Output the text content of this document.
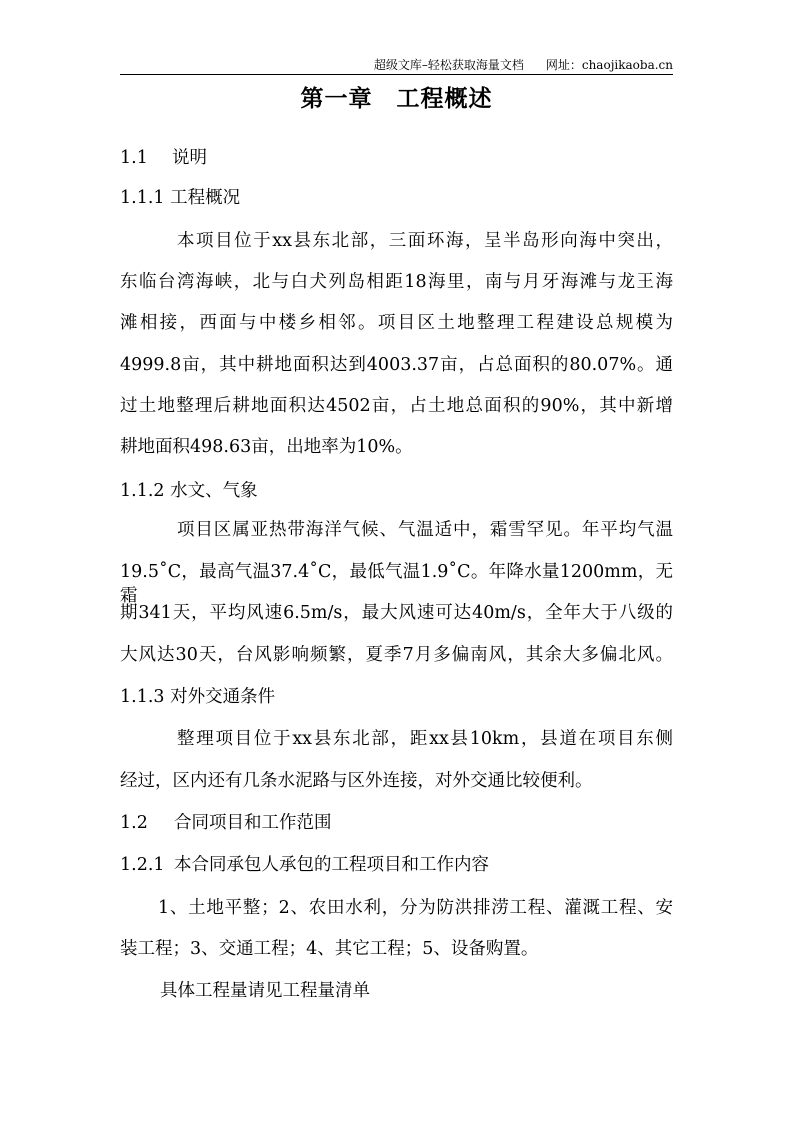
超级文库–轻松获取海量文档 网址：chaojikaoba.cn
第一章　工程概述
1.1 说明
1.1.1 工程概况
本项目位于xx县东北部，三面环海，呈半岛形向海中突出，
东临台湾海峡，北与白犬列岛相距18海里，南与月牙海滩与龙王海
滩相接，西面与中楼乡相邻。项目区土地整理工程建设总规模为
4999.8亩，其中耕地面积达到4003.37亩，占总面积的80.07%。通
过土地整理后耕地面积达4502亩，占土地总面积的90%，其中新增
耕地面积498.63亩，出地率为10%。
1.1.2 水文、气象
项目区属亚热带海洋气候、气温适中，霜雪罕见。年平均气温
19.5˚C，最高气温37.4˚C，最低气温1.9˚C。年降水量1200mm，无霜
期341天，平均风速6.5m/s，最大风速可达40m/s，全年大于八级的
大风达30天，台风影响频繁，夏季7月多偏南风，其余大多偏北风。
1.1.3 对外交通条件
整理项目位于xx县东北部，距xx县10km，县道在项目东侧
经过，区内还有几条水泥路与区外连接，对外交通比较便利。
1.2 合同项目和工作范围
1.2.1 本合同承包人承包的工程项目和工作内容
1、土地平整；2、农田水利，分为防洪排涝工程、灌溉工程、安
装工程；3、交通工程；4、其它工程；5、设备购置。
具体工程量请见工程量清单
